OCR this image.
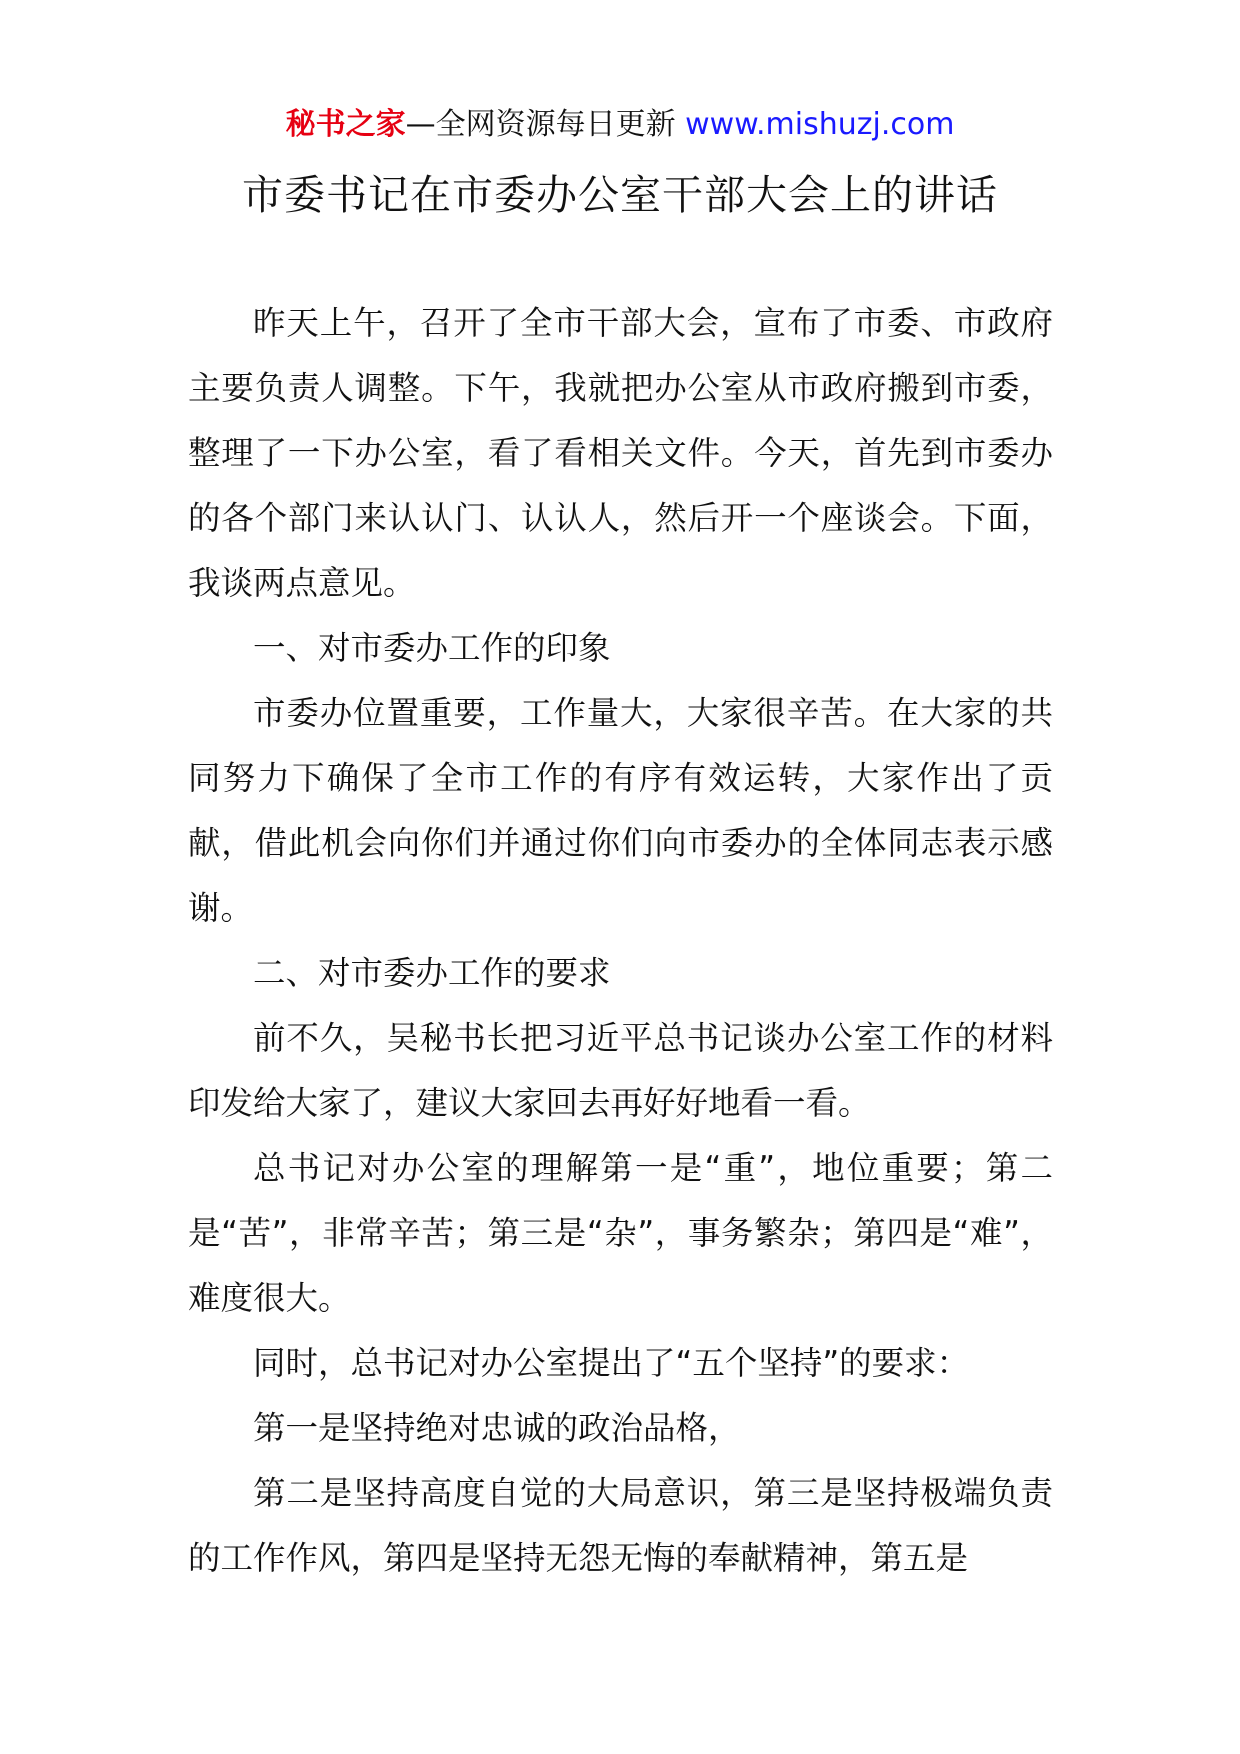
秘书之家—全网资源每日更新 www.mishuzj.com
市委书记在市委办公室干部大会上的讲话

昨天上午，召开了全市干部大会，宣布了市委、市政府主要负责人调整。下午，我就把办公室从市政府搬到市委，整理了一下办公室，看了看相关文件。今天，首先到市委办的各个部门来认认门、认认人，然后开一个座谈会。下面，我谈两点意见。

一、对市委办工作的印象

市委办位置重要，工作量大，大家很辛苦。在大家的共同努力下确保了全市工作的有序有效运转，大家作出了贡献，借此机会向你们并通过你们向市委办的全体同志表示感谢。

二、对市委办工作的要求

前不久，吴秘书长把习近平总书记谈办公室工作的材料印发给大家了，建议大家回去再好好地看一看。

总书记对办公室的理解第一是“重”，地位重要；第二是“苦”，非常辛苦；第三是“杂”，事务繁杂；第四是“难”，难度很大。

同时，总书记对办公室提出了“五个坚持”的要求：

第一是坚持绝对忠诚的政治品格，

第二是坚持高度自觉的大局意识，第三是坚持极端负责的工作作风，第四是坚持无怨无悔的奉献精神，第五是
